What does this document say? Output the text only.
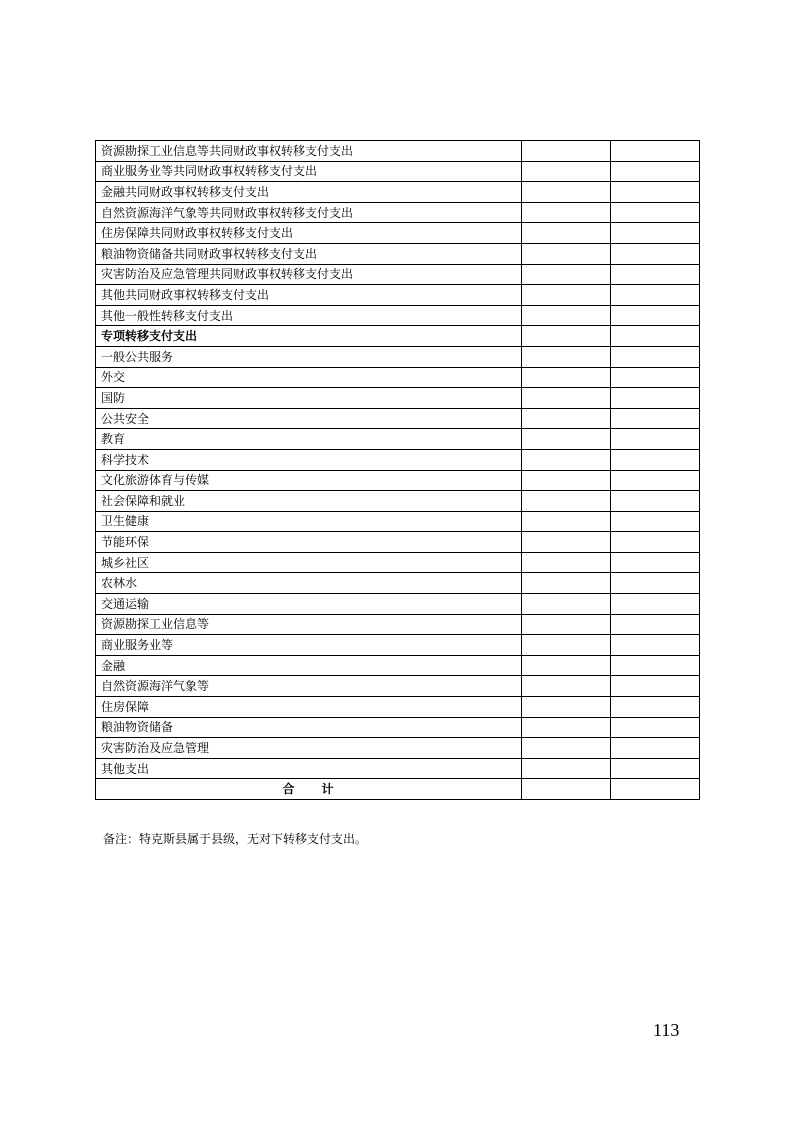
资源勘探工业信息等共同财政事权转移支付支出		
商业服务业等共同财政事权转移支付支出		
金融共同财政事权转移支付支出		
自然资源海洋气象等共同财政事权转移支付支出		
住房保障共同财政事权转移支付支出		
粮油物资储备共同财政事权转移支付支出		
灾害防治及应急管理共同财政事权转移支付支出		
其他共同财政事权转移支付支出		
其他一般性转移支付支出		
专项转移支付支出		
一般公共服务		
外交		
国防		
公共安全		
教育		
科学技术		
文化旅游体育与传媒		
社会保障和就业		
卫生健康		
节能环保		
城乡社区		
农林水		
交通运输		
资源勘探工业信息等		
商业服务业等		
金融		
自然资源海洋气象等		
住房保障		
粮油物资储备		
灾害防治及应急管理		
其他支出		
合　　计		
备注：特克斯县属于县级，无对下转移支付支出。
113
